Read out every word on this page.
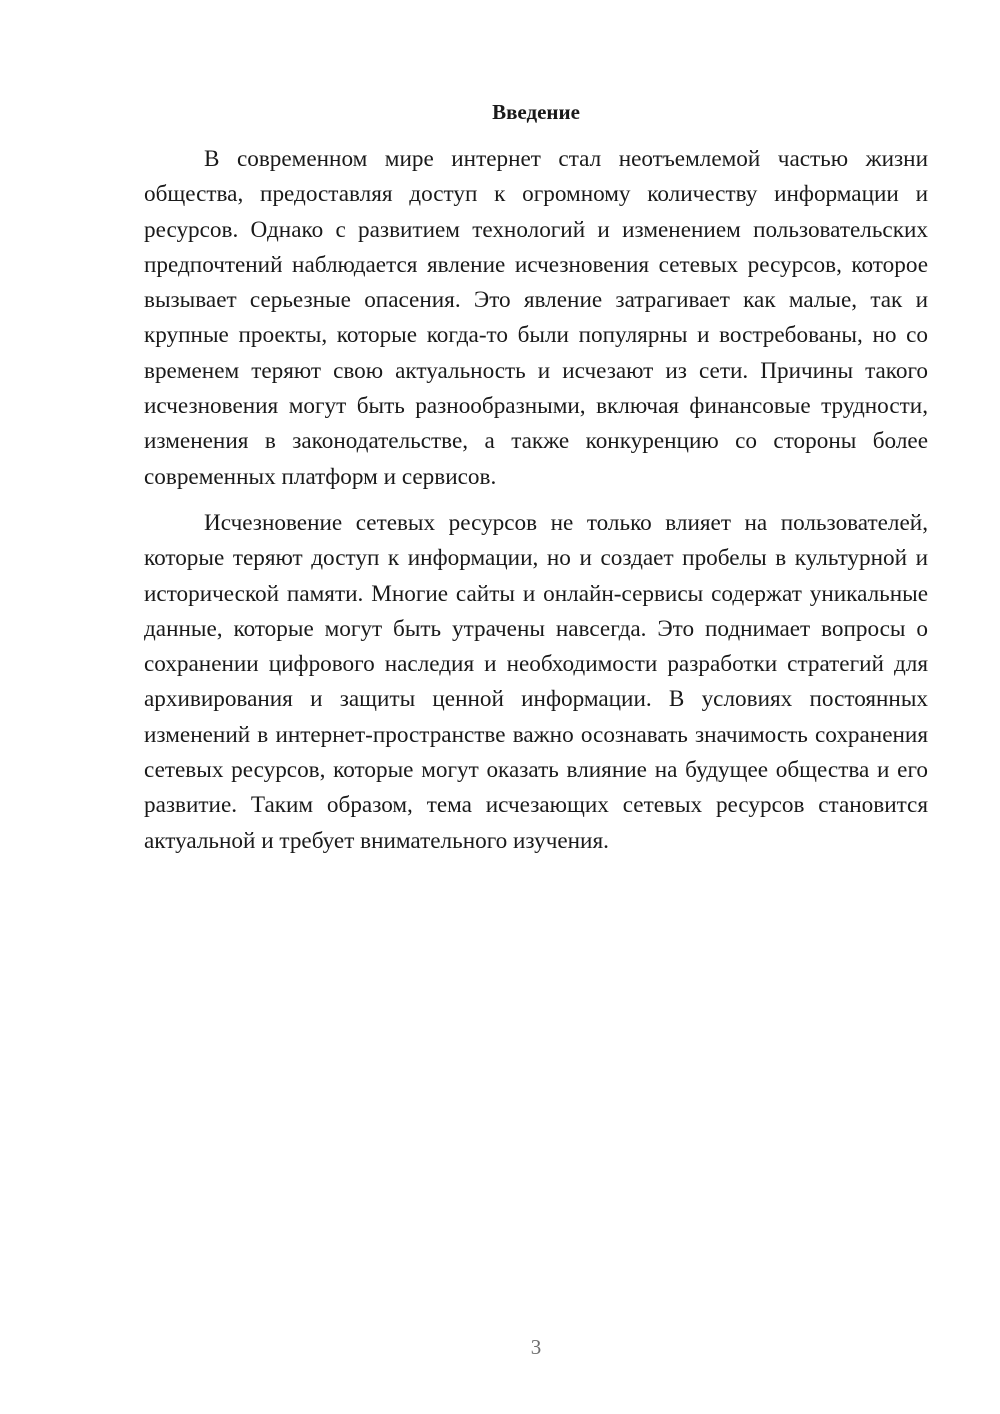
Введение

В современном мире интернет стал неотъемлемой частью жизни общества, предоставляя доступ к огромному количеству информации и ресурсов. Однако с развитием технологий и изменением пользовательских предпочтений наблюдается явление исчезновения сетевых ресурсов, которое вызывает серьезные опасения. Это явление затрагивает как малые, так и крупные проекты, которые когда-то были популярны и востребованы, но со временем теряют свою актуальность и исчезают из сети. Причины такого исчезновения могут быть разнообразными, включая финансовые трудности, изменения в законодательстве, а также конкуренцию со стороны более современных платформ и сервисов.

Исчезновение сетевых ресурсов не только влияет на пользователей, которые теряют доступ к информации, но и создает пробелы в культурной и исторической памяти. Многие сайты и онлайн-сервисы содержат уникальные данные, которые могут быть утрачены навсегда. Это поднимает вопросы о сохранении цифрового наследия и необходимости разработки стратегий для архивирования и защиты ценной информации. В условиях постоянных изменений в интернет-пространстве важно осознавать значимость сохранения сетевых ресурсов, которые могут оказать влияние на будущее общества и его развитие. Таким образом, тема исчезающих сетевых ресурсов становится актуальной и требует внимательного изучения.

3
